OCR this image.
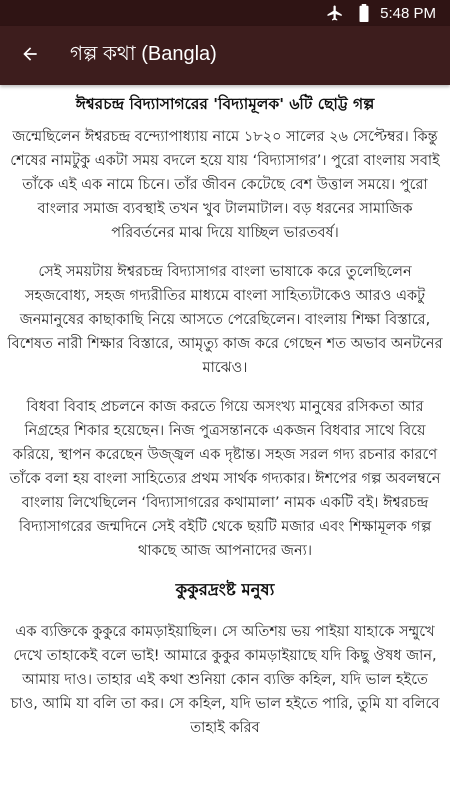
5:48 PM
গল্প কথা (Bangla)
ঈশ্বরচন্দ্র বিদ্যাসাগরের 'বিদ্যামূলক' ৬টি ছোট্ট গল্প

জন্মেছিলেন ঈশ্বরচন্দ্র বন্দ্যোপাধ্যায় নামে ১৮২০ সালের ২৬ সেপ্টেম্বর। কিন্তু শেষের নামটুকু একটা সময় বদলে হয়ে যায় ‘বিদ্যাসাগর’। পুরো বাংলায় সবাই তাঁকে এই এক নামে চিনে। তাঁর জীবন কেটেছে বেশ উত্তাল সময়ে। পুরো বাংলার সমাজ ব্যবস্থাই তখন খুব টালমাটাল। বড় ধরনের সামাজিক পরিবর্তনের মাঝ দিয়ে যাচ্ছিল ভারতবর্ষ।

সেই সময়টায় ঈশ্বরচন্দ্র বিদ্যাসাগর বাংলা ভাষাকে করে তুলেছিলেন সহজবোধ্য, সহজ গদ্যরীতির মাধ্যমে বাংলা সাহিত্যটাকেও আরও একটু জনমানুষের কাছাকাছি নিয়ে আসতে পেরেছিলেন। বাংলায় শিক্ষা বিস্তারে, বিশেষত নারী শিক্ষার বিস্তারে, আমৃত্যু কাজ করে গেছেন শত অভাব অনটনের মাঝেও।

বিধবা বিবাহ প্রচলনে কাজ করতে গিয়ে অসংখ্য মানুষের রসিকতা আর নিগ্রহের শিকার হয়েছেন। নিজ পুত্রসন্তানকে একজন বিধবার সাথে বিয়ে করিয়ে, স্থাপন করেছেন উজ্জ্বল এক দৃষ্টান্ত। সহজ সরল গদ্য রচনার কারণে তাঁকে বলা হয় বাংলা সাহিত্যের প্রথম সার্থক গদ্যকার। ঈশপের গল্প অবলম্বনে বাংলায় লিখেছিলেন ‘বিদ্যাসাগরের কথামালা’ নামক একটি বই। ঈশ্বরচন্দ্র বিদ্যাসাগরের জন্মদিনে সেই বইটি থেকে ছয়টি মজার এবং শিক্ষামূলক গল্প থাকছে আজ আপনাদের জন্য।

কুকুরদ্রংষ্ট মনুষ্য

এক ব্যক্তিকে কুকুরে কামড়াইয়াছিল। সে অতিশয় ভয় পাইয়া যাহাকে সম্মুখে দেখে তাহাকেই বলে ভাই! আমারে কুকুর কামড়াইয়াছে যদি কিছু ঔষধ জান, আমায় দাও। তাহার এই কথা শুনিয়া কোন ব্যক্তি কহিল, যদি ভাল হইতে চাও, আমি যা বলি তা কর। সে কহিল, যদি ভাল হইতে পারি, তুমি যা বলিবে তাহাই করিব
